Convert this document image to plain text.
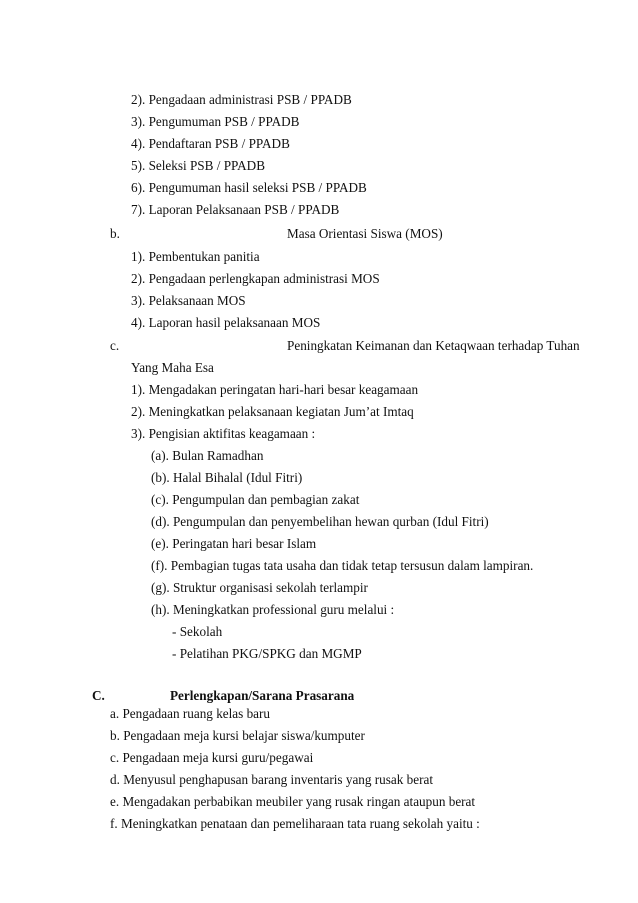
2). Pengadaan administrasi PSB / PPADB
3). Pengumuman PSB / PPADB
4). Pendaftaran PSB / PPADB
5). Seleksi PSB / PPADB
6). Pengumuman hasil seleksi PSB / PPADB
7). Laporan Pelaksanaan PSB / PPADB
b.	Masa Orientasi Siswa (MOS)
1). Pembentukan panitia
2). Pengadaan perlengkapan administrasi MOS
3). Pelaksanaan MOS
4). Laporan hasil pelaksanaan MOS
c.	Peningkatan Keimanan dan Ketaqwaan terhadap Tuhan
Yang Maha Esa
1). Mengadakan peringatan hari-hari besar keagamaan
2). Meningkatkan pelaksanaan kegiatan Jum’at Imtaq
3). Pengisian aktifitas keagamaan :
(a). Bulan Ramadhan
(b). Halal Bihalal (Idul Fitri)
(c). Pengumpulan dan pembagian zakat
(d). Pengumpulan dan penyembelihan hewan qurban (Idul Fitri)
(e). Peringatan hari besar Islam
(f). Pembagian tugas tata usaha dan tidak tetap tersusun dalam lampiran.
(g). Struktur organisasi sekolah terlampir
(h). Meningkatkan professional guru melalui :
- Sekolah
- Pelatihan PKG/SPKG dan MGMP
C.	Perlengkapan/Sarana Prasarana
a. Pengadaan ruang kelas baru
b. Pengadaan meja kursi belajar siswa/kumputer
c. Pengadaan meja kursi guru/pegawai
d. Menyusul penghapusan barang inventaris yang rusak berat
e. Mengadakan perbabikan meubiler yang rusak ringan ataupun berat
f. Meningkatkan penataan dan pemeliharaan tata ruang sekolah yaitu :
